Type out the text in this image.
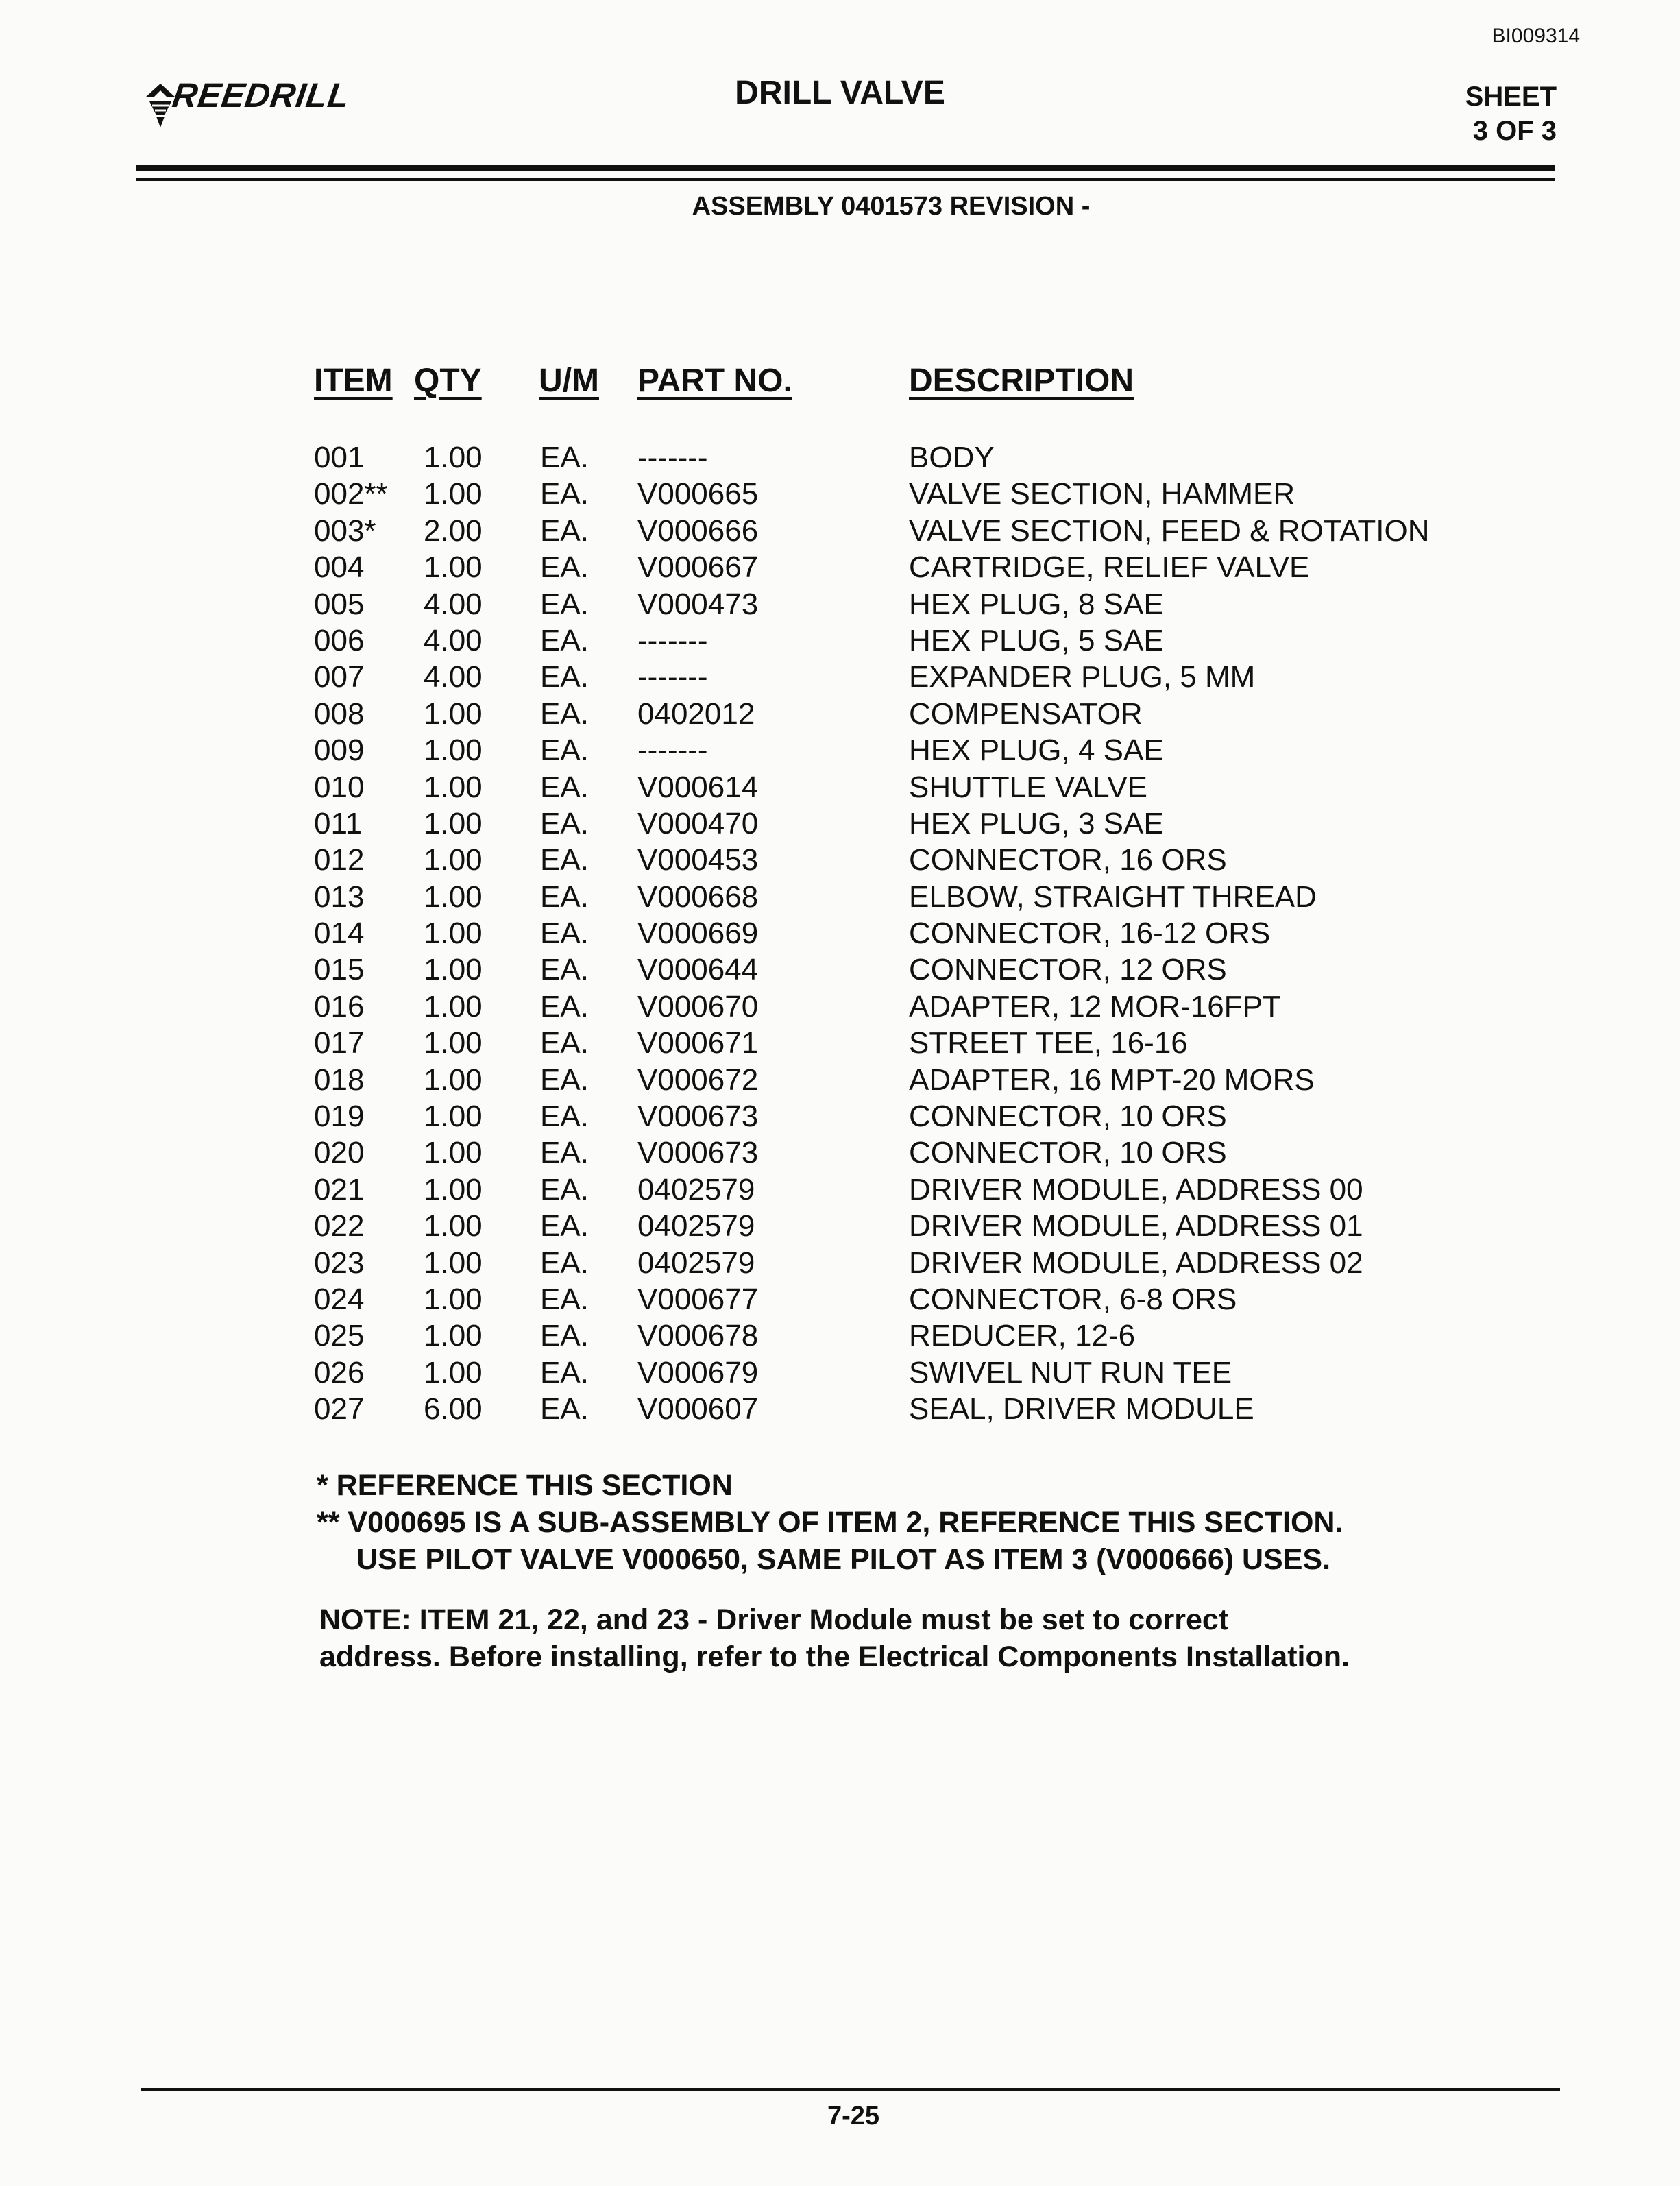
BI009314
REEDRILL	DRILL VALVE	SHEET
3 OF 3
ASSEMBLY 0401573 REVISION -
ITEM QTY U/M PART NO.	DESCRIPTION
001 1.00 EA. -------	BODY
002** 1.00 EA. V000665	VALVE SECTION, HAMMER
003* 2.00 EA. V000666	VALVE SECTION, FEED & ROTATION
004 1.00 EA. V000667	CARTRIDGE, RELIEF VALVE
005 4.00 EA. V000473	HEX PLUG, 8 SAE
006 4.00 EA. -------	HEX PLUG, 5 SAE
007 4.00 EA. -------	EXPANDER PLUG, 5 MM
008 1.00 EA. 0402012	COMPENSATOR
009 1.00 EA. -------	HEX PLUG, 4 SAE
010 1.00 EA. V000614	SHUTTLE VALVE
011 1.00 EA. V000470	HEX PLUG, 3 SAE
012 1.00 EA. V000453	CONNECTOR, 16 ORS
013 1.00 EA. V000668	ELBOW, STRAIGHT THREAD
014 1.00 EA. V000669	CONNECTOR, 16-12 ORS
015 1.00 EA. V000644	CONNECTOR, 12 ORS
016 1.00 EA. V000670	ADAPTER, 12 MOR-16FPT
017 1.00 EA. V000671	STREET TEE, 16-16
018 1.00 EA. V000672	ADAPTER, 16 MPT-20 MORS
019 1.00 EA. V000673	CONNECTOR, 10 ORS
020 1.00 EA. V000673	CONNECTOR, 10 ORS
021 1.00 EA. 0402579	DRIVER MODULE, ADDRESS 00
022 1.00 EA. 0402579	DRIVER MODULE, ADDRESS 01
023 1.00 EA. 0402579	DRIVER MODULE, ADDRESS 02
024 1.00 EA. V000677	CONNECTOR, 6-8 ORS
025 1.00 EA. V000678	REDUCER, 12-6
026 1.00 EA. V000679	SWIVEL NUT RUN TEE
027 6.00 EA. V000607	SEAL, DRIVER MODULE
* REFERENCE THIS SECTION
** V000695 IS A SUB-ASSEMBLY OF ITEM 2, REFERENCE THIS SECTION.
USE PILOT VALVE V000650, SAME PILOT AS ITEM 3 (V000666) USES.
NOTE: ITEM 21, 22, and 23 - Driver Module must be set to correct
address. Before installing, refer to the Electrical Components Installation.
7-25
